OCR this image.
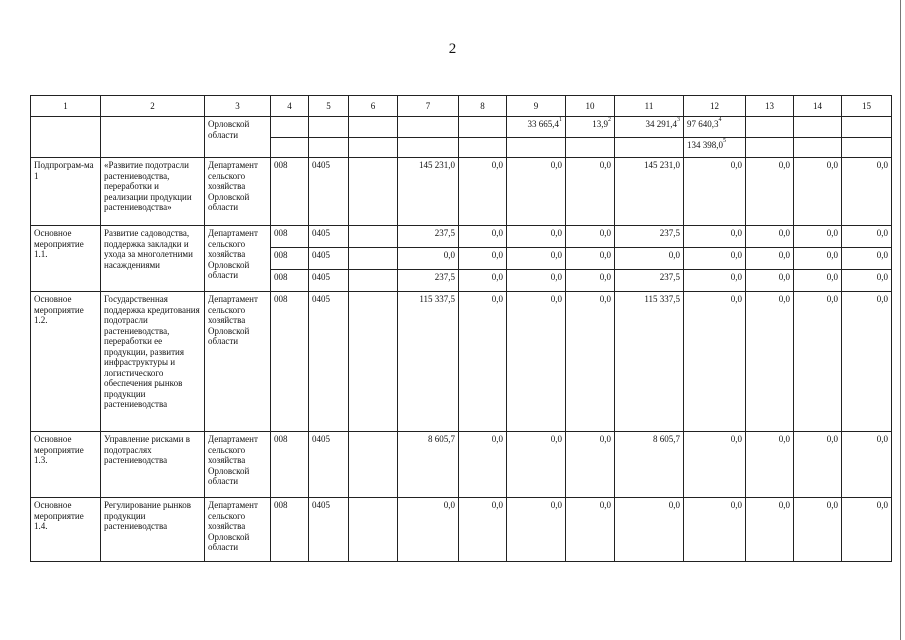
2
1	2	3	4	5	6	7	8	9	10	11	12	13	14	15
		Орловской области						33 665,4$^1$	13,9$^2$	34 291,4$^3$	97 640,3$^4$			
											134 398,0$^5$			
Подпрограм-ма 1	«Развитие подотрасли растениеводства, переработки и реализации продукции растениеводства»	Департамент сельского хозяйства Орловской области	008	0405		145 231,0	0,0	0,0	0,0	145 231,0	0,0	0,0	0,0	0,0
Основное мероприятие 1.1.	Развитие садоводства, поддержка закладки и ухода за многолетними насаждениями	Департамент сельского хозяйства Орловской области	008	0405		237,5	0,0	0,0	0,0	237,5	0,0	0,0	0,0	0,0
			008	0405		0,0	0,0	0,0	0,0	0,0	0,0	0,0	0,0	0,0
			008	0405		237,5	0,0	0,0	0,0	237,5	0,0	0,0	0,0	0,0
Основное мероприятие 1.2.	Государственная поддержка кредитования подотрасли растениеводства, переработки ее продукции, развития инфраструктуры и логистического обеспечения рынков продукции растениеводства	Департамент сельского хозяйства Орловской области	008	0405		115 337,5	0,0	0,0	0,0	115 337,5	0,0	0,0	0,0	0,0
Основное мероприятие 1.3.	Управление рисками в подотраслях растениеводства	Департамент сельского хозяйства Орловской области	008	0405		8 605,7	0,0	0,0	0,0	8 605,7	0,0	0,0	0,0	0,0
Основное мероприятие 1.4.	Регулирование рынков продукции растениеводства	Департамент сельского хозяйства Орловской области	008	0405		0,0	0,0	0,0	0,0	0,0	0,0	0,0	0,0	0,0
